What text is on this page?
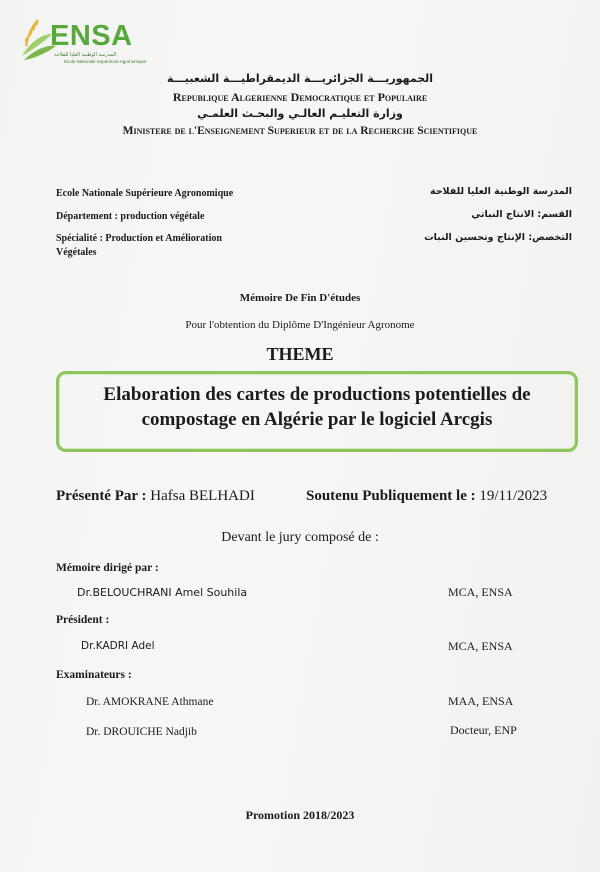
ENSA
المدرسة الوطنية العليا للفلاحة
Ecole Nationale Supérieure Agronomique
الجمهوريـــة الجزائريـــة الديمقراطيـــة الشعبيـــة
Republique Algerienne Democratique et Populaire
وزارة التعليـم العالـي والبحـث العلمـي
Ministere de l'Enseignement Superieur et de la Recherche Scientifique
Ecole Nationale Supérieure Agronomique
Département : production végétale
Spécialité : Production et Amélioration
Végétales
المدرسة الوطنية العليا للفلاحة
القسم: الانتاج النباتي
التخصص: الإنتاج وتحسين النبات
Mémoire De Fin D'études
Pour l'obtention du Diplôme D'Ingénieur Agronome
THEME
Elaboration des cartes de productions potentielles de
compostage en Algérie par le logiciel Arcgis
Présenté Par : Hafsa BELHADI	Soutenu Publiquement le : 19/11/2023
Devant le jury composé de :
Mémoire dirigé par :
Dr.BELOUCHRANI Amel Souhila	MCA, ENSA
Président :
Dr.KADRI Adel	MCA, ENSA
Examinateurs :
Dr. AMOKRANE Athmane	MAA, ENSA
Dr. DROUICHE Nadjib	Docteur, ENP
Promotion 2018/2023
